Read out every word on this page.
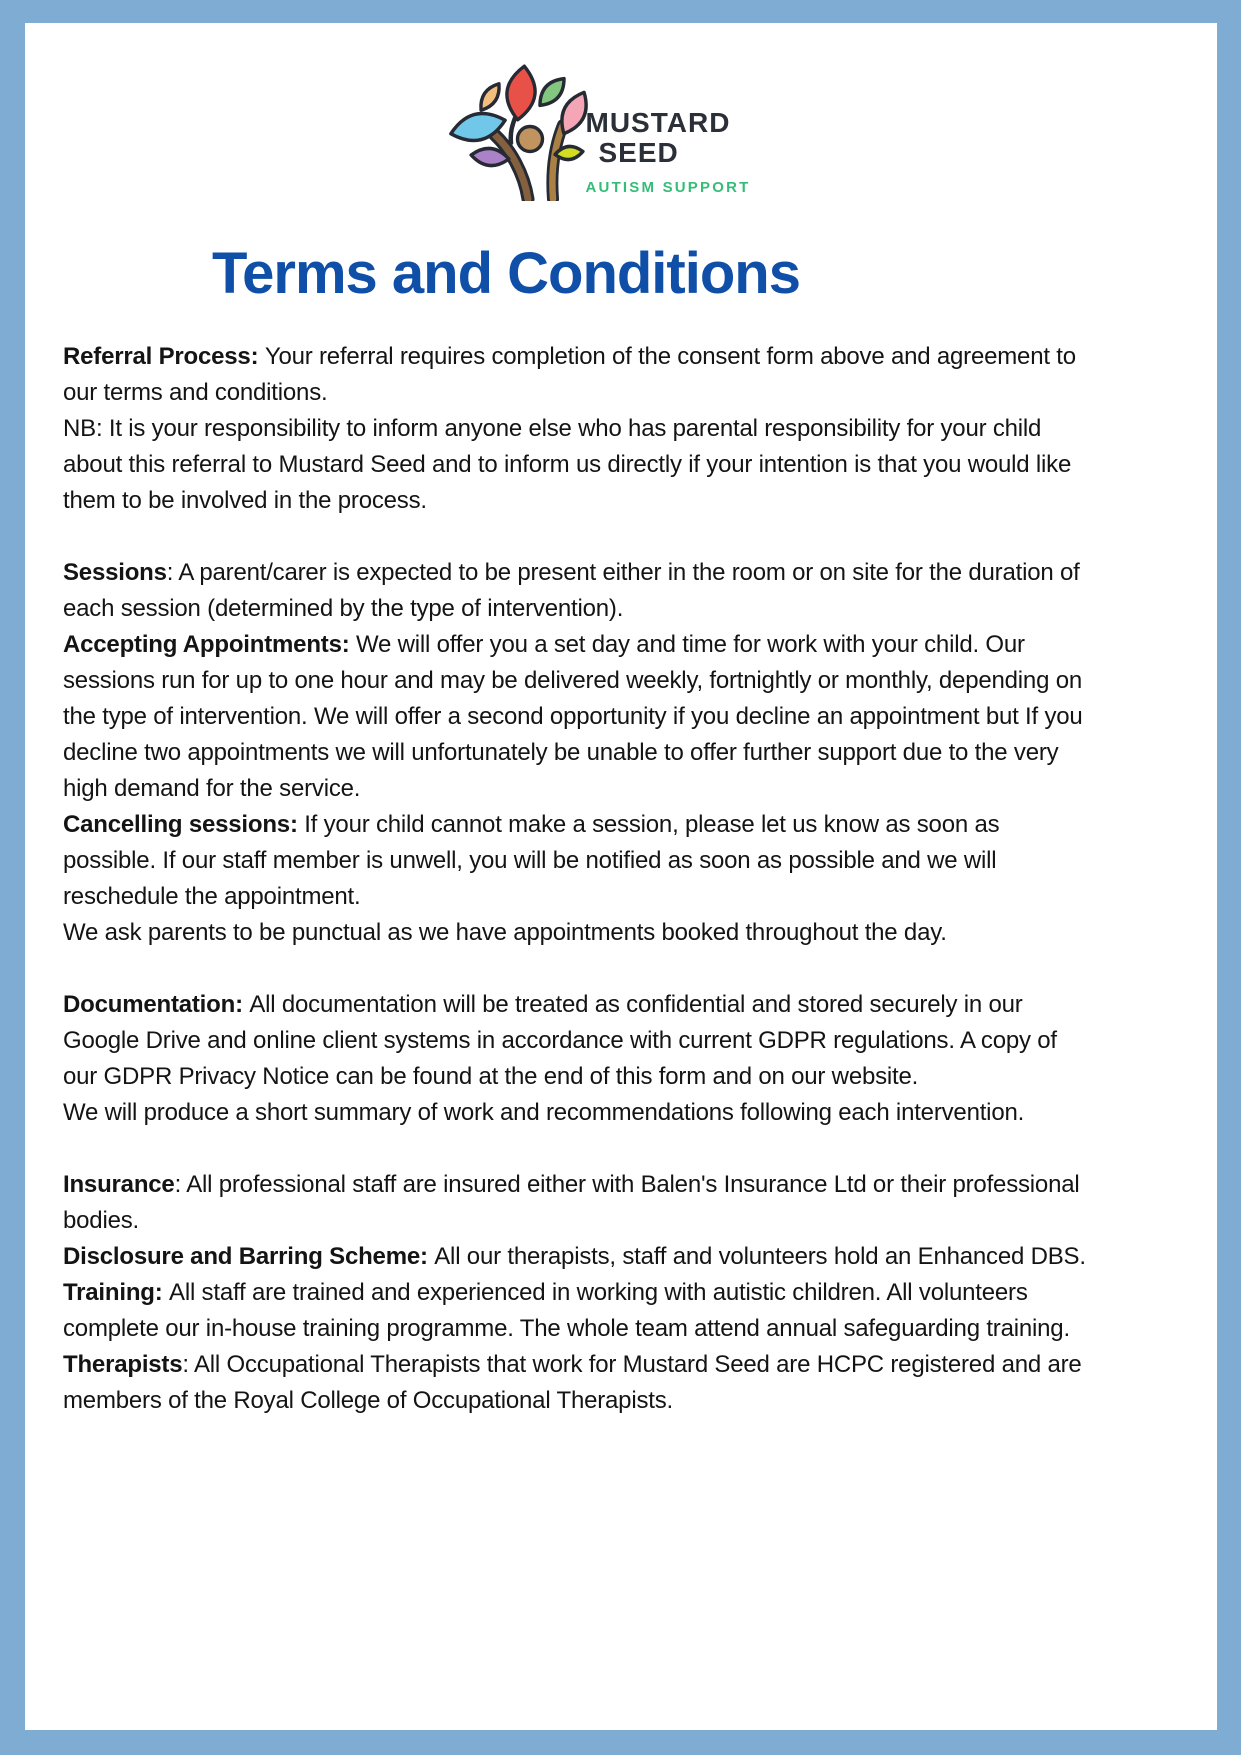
MUSTARD
SEED
AUTISM SUPPORT
Terms and Conditions

Referral Process: Your referral requires completion of the consent form above and agreement to our terms and conditions.

NB: It is your responsibility to inform anyone else who has parental responsibility for your child about this referral to Mustard Seed and to inform us directly if your intention is that you would like them to be involved in the process.

Sessions: A parent/carer is expected to be present either in the room or on site for the duration of each session (determined by the type of intervention).

Accepting Appointments: We will offer you a set day and time for work with your child. Our sessions run for up to one hour and may be delivered weekly, fortnightly or monthly, depending on the type of intervention. We will offer a second opportunity if you decline an appointment but If you decline two appointments we will unfortunately be unable to offer further support due to the very high demand for the service.

Cancelling sessions: If your child cannot make a session, please let us know as soon as possible. If our staff member is unwell, you will be notified as soon as possible and we will reschedule the appointment.

We ask parents to be punctual as we have appointments booked throughout the day.

Documentation: All documentation will be treated as confidential and stored securely in our Google Drive and online client systems in accordance with current GDPR regulations. A copy of our GDPR Privacy Notice can be found at the end of this form and on our website.

We will produce a short summary of work and recommendations following each intervention.

Insurance: All professional staff are insured either with Balen's Insurance Ltd or their professional bodies.

Disclosure and Barring Scheme: All our therapists, staff and volunteers hold an Enhanced DBS.

Training: All staff are trained and experienced in working with autistic children. All volunteers complete our in-house training programme. The whole team attend annual safeguarding training.

Therapists: All Occupational Therapists that work for Mustard Seed are HCPC registered and are members of the Royal College of Occupational Therapists.
